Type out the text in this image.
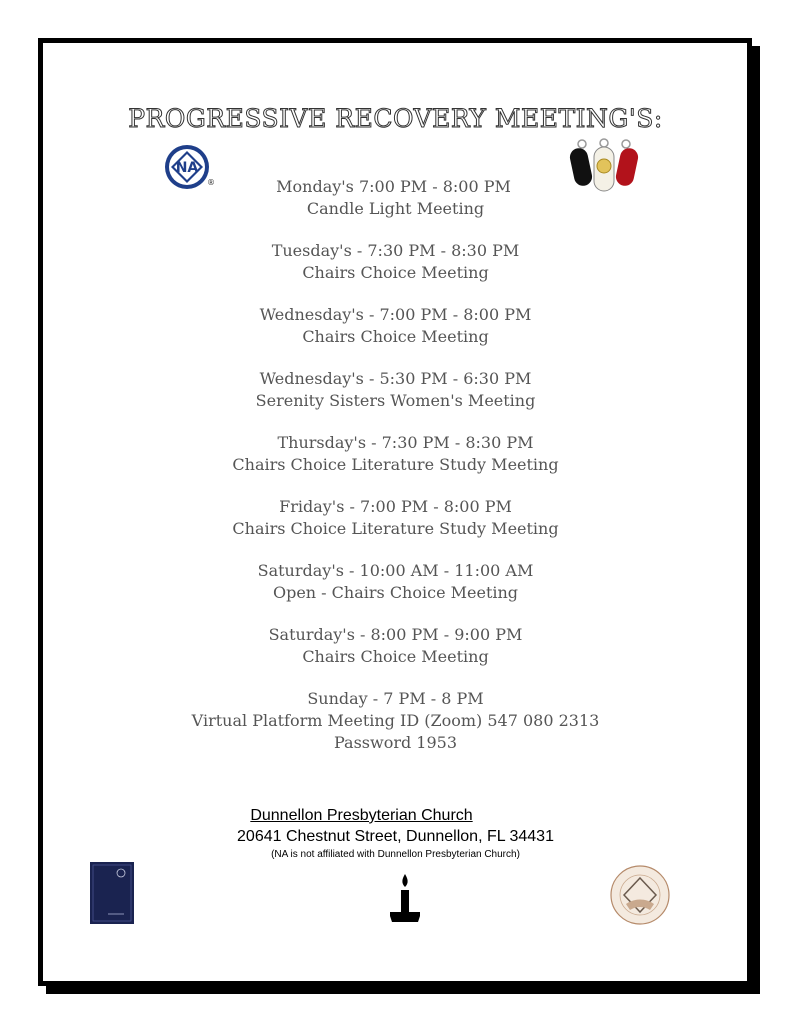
PROGRESSIVE RECOVERY MEETING'S:
NA
®	Monday's 7:00 PM - 8:00 PM
Candle Light Meeting
Tuesday's - 7:30 PM - 8:30 PM
Chairs Choice Meeting
Wednesday's - 7:00 PM - 8:00 PM
Chairs Choice Meeting
Wednesday's - 5:30 PM - 6:30 PM
Serenity Sisters Women's Meeting
Thursday's - 7:30 PM - 8:30 PM
Chairs Choice Literature Study Meeting
Friday's - 7:00 PM - 8:00 PM
Chairs Choice Literature Study Meeting
Saturday's - 10:00 AM - 11:00 AM
Open - Chairs Choice Meeting
Saturday's - 8:00 PM - 9:00 PM
Chairs Choice Meeting
Sunday - 7 PM - 8 PM
Virtual Platform Meeting ID (Zoom) 547 080 2313
Password 1953
Dunnellon Presbyterian Church
20641 Chestnut Street, Dunnellon, FL 34431
(NA is not affiliated with Dunnellon Presbyterian Church)
